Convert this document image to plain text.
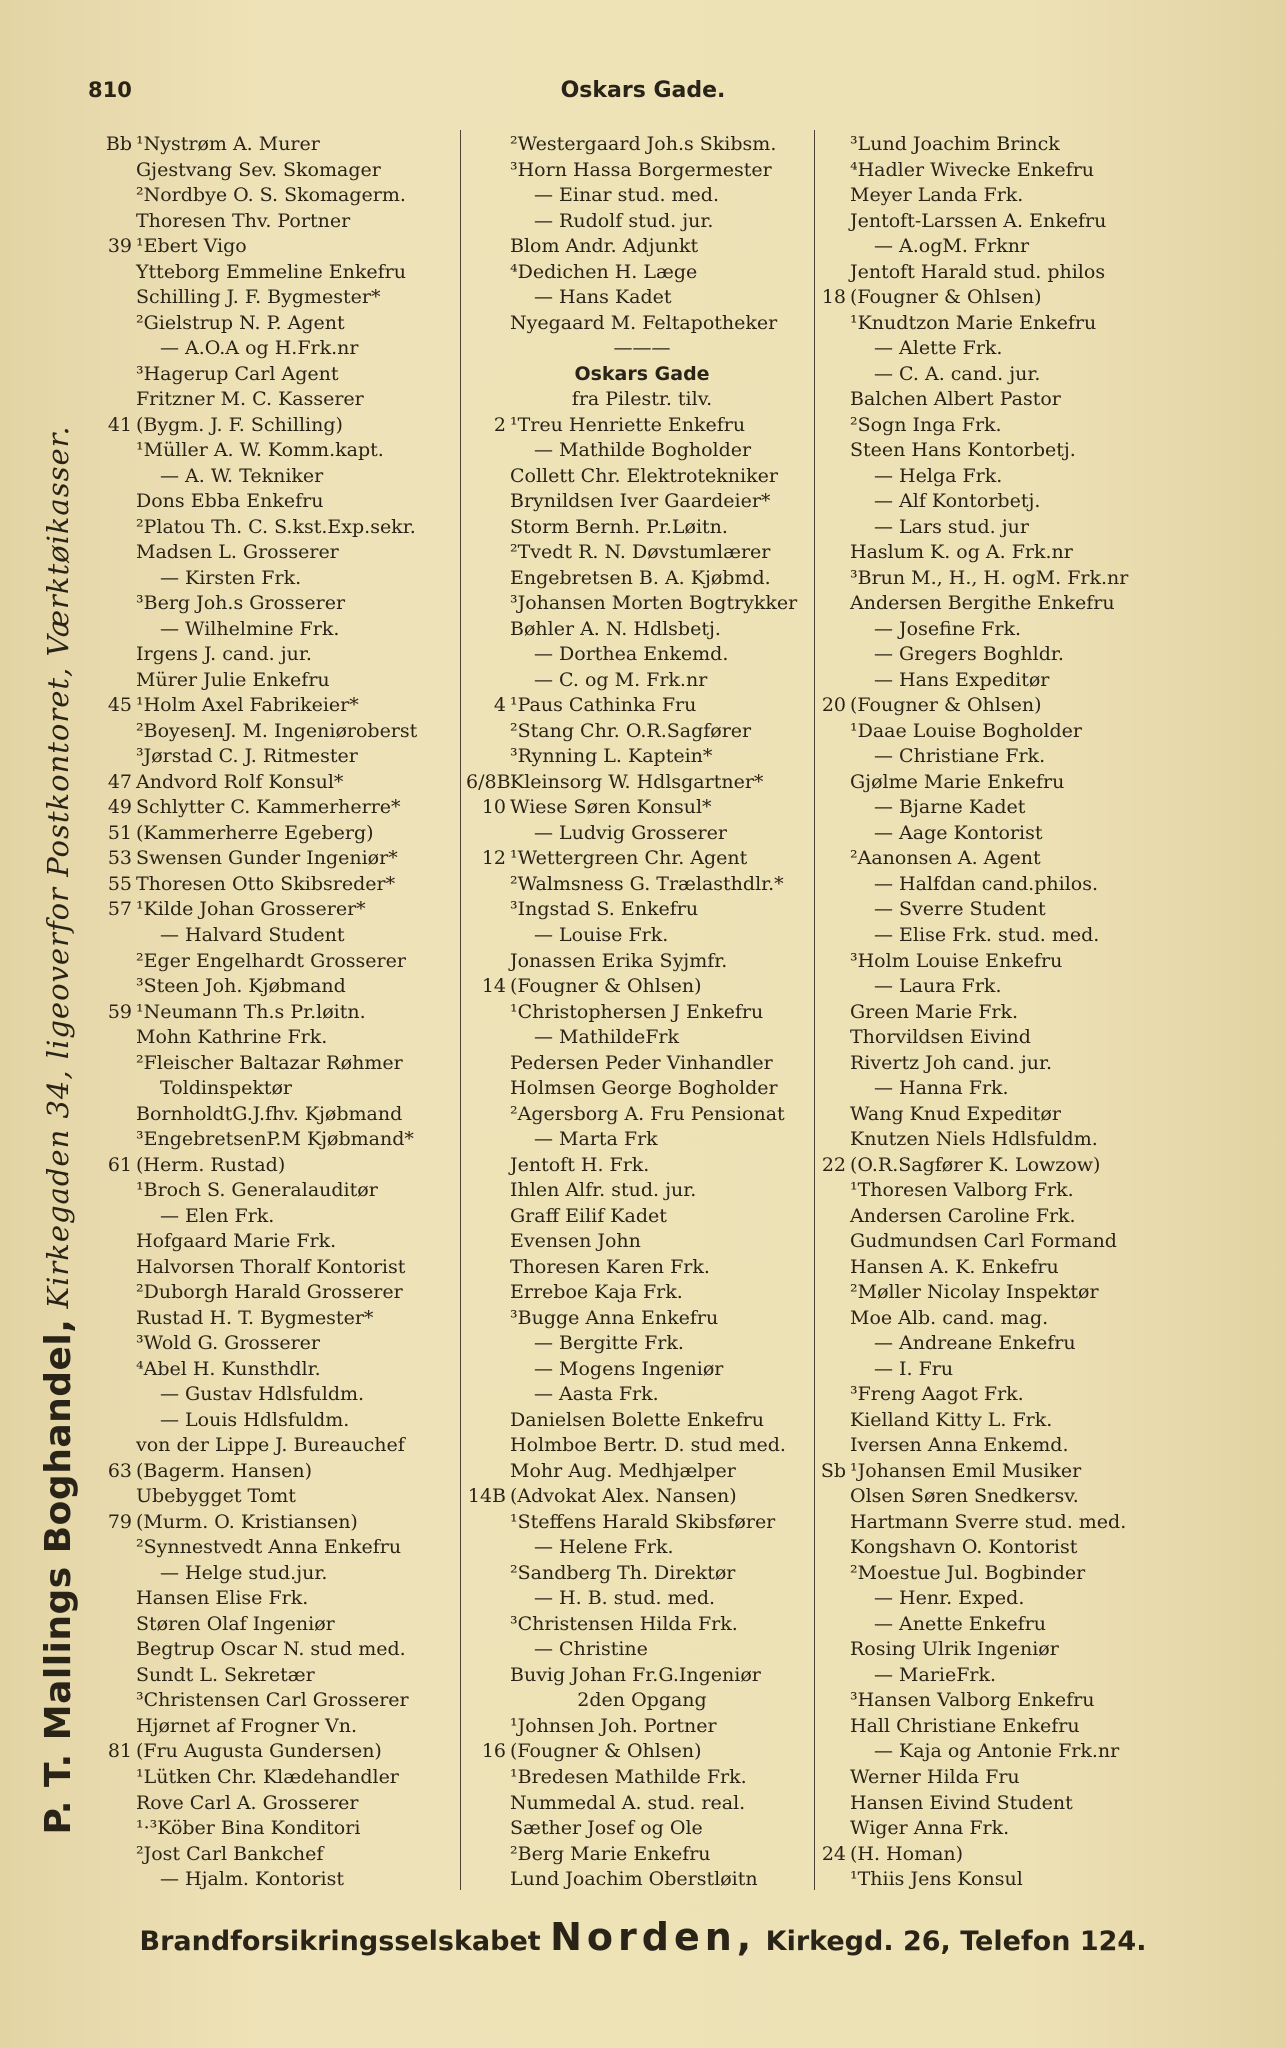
810	Oskars Gade.
P. T. Mallings Boghandel,
Kirkegaden 34, ligeoverfor Postkontoret, Værktøikasser.
Bb ¹Nystrøm A. Murer
Gjestvang Sev. Skomager
²Nordbye O. S. Skomagerm.
Thoresen Thv. Portner
39 ¹Ebert Vigo
Ytteborg Emmeline Enkefru
Schilling J. F. Bygmester*
²Gielstrup N. P. Agent
— A.O.A og H.Frk.nr
³Hagerup Carl Agent
Fritzner M. C. Kasserer
41 (Bygm. J. F. Schilling)
¹Müller A. W. Komm.kapt.
— A. W. Tekniker
Dons Ebba Enkefru
²Platou Th. C. S.kst.Exp.sekr.
Madsen L. Grosserer
— Kirsten Frk.
³Berg Joh.s Grosserer
— Wilhelmine Frk.
Irgens J. cand. jur.
Mürer Julie Enkefru
45 ¹Holm Axel Fabrikeier*
²BoyesenJ. M. Ingeniøroberst
³Jørstad C. J. Ritmester
47 Andvord Rolf Konsul*
49 Schlytter C. Kammerherre*
51 (Kammerherre Egeberg)
53 Swensen Gunder Ingeniør*
55 Thoresen Otto Skibsreder*
57 ¹Kilde Johan Grosserer*
— Halvard Student
²Eger Engelhardt Grosserer
³Steen Joh. Kjøbmand
59 ¹Neumann Th.s Pr.løitn.
Mohn Kathrine Frk.
²Fleischer Baltazar Røhmer
Toldinspektør
BornholdtG.J.fhv. Kjøbmand
³EngebretsenP.M Kjøbmand*
61 (Herm. Rustad)
¹Broch S. Generalauditør
— Elen Frk.
Hofgaard Marie Frk.
Halvorsen Thoralf Kontorist
²Duborgh Harald Grosserer
Rustad H. T. Bygmester*
³Wold G. Grosserer
⁴Abel H. Kunsthdlr.
— Gustav Hdlsfuldm.
— Louis Hdlsfuldm.
von der Lippe J. Bureauchef
63 (Bagerm. Hansen)
Ubebygget Tomt
79 (Murm. O. Kristiansen)
²Synnestvedt Anna Enkefru
— Helge stud.jur.
Hansen Elise Frk.
Støren Olaf Ingeniør
Begtrup Oscar N. stud med.
Sundt L. Sekretær
³Christensen Carl Grosserer
Hjørnet af Frogner Vn.
81 (Fru Augusta Gundersen)
¹Lütken Chr. Klædehandler
Rove Carl A. Grosserer
¹·³Köber Bina Konditori
²Jost Carl Bankchef
— Hjalm. Kontorist
²Westergaard Joh.s Skibsm.
³Horn Hassa Borgermester
— Einar stud. med.
— Rudolf stud. jur.
Blom Andr. Adjunkt
⁴Dedichen H. Læge
— Hans Kadet
Nyegaard M. Feltapotheker
———
Oskars Gade
fra Pilestr. tilv.
2 ¹Treu Henriette Enkefru
— Mathilde Bogholder
Collett Chr. Elektrotekniker
Brynildsen Iver Gaardeier*
Storm Bernh. Pr.Løitn.
²Tvedt R. N. Døvstumlærer
Engebretsen B. A. Kjøbmd.
³Johansen Morten Bogtrykker
Bøhler A. N. Hdlsbetj.
— Dorthea Enkemd.
— C. og M. Frk.nr
4 ¹Paus Cathinka Fru
²Stang Chr. O.R.Sagfører
³Rynning L. Kaptein*
6/8B Kleinsorg W. Hdlsgartner*
10 Wiese Søren Konsul*
— Ludvig Grosserer
12 ¹Wettergreen Chr. Agent
²Walmsness G. Trælasthdlr.*
³Ingstad S. Enkefru
— Louise Frk.
Jonassen Erika Syjmfr.
14 (Fougner & Ohlsen)
¹Christophersen J Enkefru
— MathildeFrk
Pedersen Peder Vinhandler
Holmsen George Bogholder
²Agersborg A. Fru Pensionat
— Marta Frk
Jentoft H. Frk.
Ihlen Alfr. stud. jur.
Graff Eilif Kadet
Evensen John
Thoresen Karen Frk.
Erreboe Kaja Frk.
³Bugge Anna Enkefru
— Bergitte Frk.
— Mogens Ingeniør
— Aasta Frk.
Danielsen Bolette Enkefru
Holmboe Bertr. D. stud med.
Mohr Aug. Medhjælper
14B (Advokat Alex. Nansen)
¹Steffens Harald Skibsfører
— Helene Frk.
²Sandberg Th. Direktør
— H. B. stud. med.
³Christensen Hilda Frk.
— Christine
Buvig Johan Fr.G.Ingeniør
2den Opgang
¹Johnsen Joh. Portner
16 (Fougner & Ohlsen)
¹Bredesen Mathilde Frk.
Nummedal A. stud. real.
Sæther Josef og Ole
²Berg Marie Enkefru
Lund Joachim Oberstløitn
³Lund Joachim Brinck
⁴Hadler Wivecke Enkefru
Meyer Landa Frk.
Jentoft-Larssen A. Enkefru
— A.ogM. Frknr
Jentoft Harald stud. philos
18 (Fougner & Ohlsen)
¹Knudtzon Marie Enkefru
— Alette Frk.
— C. A. cand. jur.
Balchen Albert Pastor
²Sogn Inga Frk.
Steen Hans Kontorbetj.
— Helga Frk.
— Alf Kontorbetj.
— Lars stud. jur
Haslum K. og A. Frk.nr
³Brun M., H., H. ogM. Frk.nr
Andersen Bergithe Enkefru
— Josefine Frk.
— Gregers Boghldr.
— Hans Expeditør
20 (Fougner & Ohlsen)
¹Daae Louise Bogholder
— Christiane Frk.
Gjølme Marie Enkefru
— Bjarne Kadet
— Aage Kontorist
²Aanonsen A. Agent
— Halfdan cand.philos.
— Sverre Student
— Elise Frk. stud. med.
³Holm Louise Enkefru
— Laura Frk.
Green Marie Frk.
Thorvildsen Eivind
Rivertz Joh cand. jur.
— Hanna Frk.
Wang Knud Expeditør
Knutzen Niels Hdlsfuldm.
22 (O.R.Sagfører K. Lowzow)
¹Thoresen Valborg Frk.
Andersen Caroline Frk.
Gudmundsen Carl Formand
Hansen A. K. Enkefru
²Møller Nicolay Inspektør
Moe Alb. cand. mag.
— Andreane Enkefru
— I. Fru
³Freng Aagot Frk.
Kielland Kitty L. Frk.
Iversen Anna Enkemd.
Sb ¹Johansen Emil Musiker
Olsen Søren Snedkersv.
Hartmann Sverre stud. med.
Kongshavn O. Kontorist
²Moestue Jul. Bogbinder
— Henr. Exped.
— Anette Enkefru
Rosing Ulrik Ingeniør
— MarieFrk.
³Hansen Valborg Enkefru
Hall Christiane Enkefru
— Kaja og Antonie Frk.nr
Werner Hilda Fru
Hansen Eivind Student
Wiger Anna Frk.
24 (H. Homan)
¹Thiis Jens Konsul
Brandforsikringsselskabet Norden, Kirkegd. 26, Telefon 124.
